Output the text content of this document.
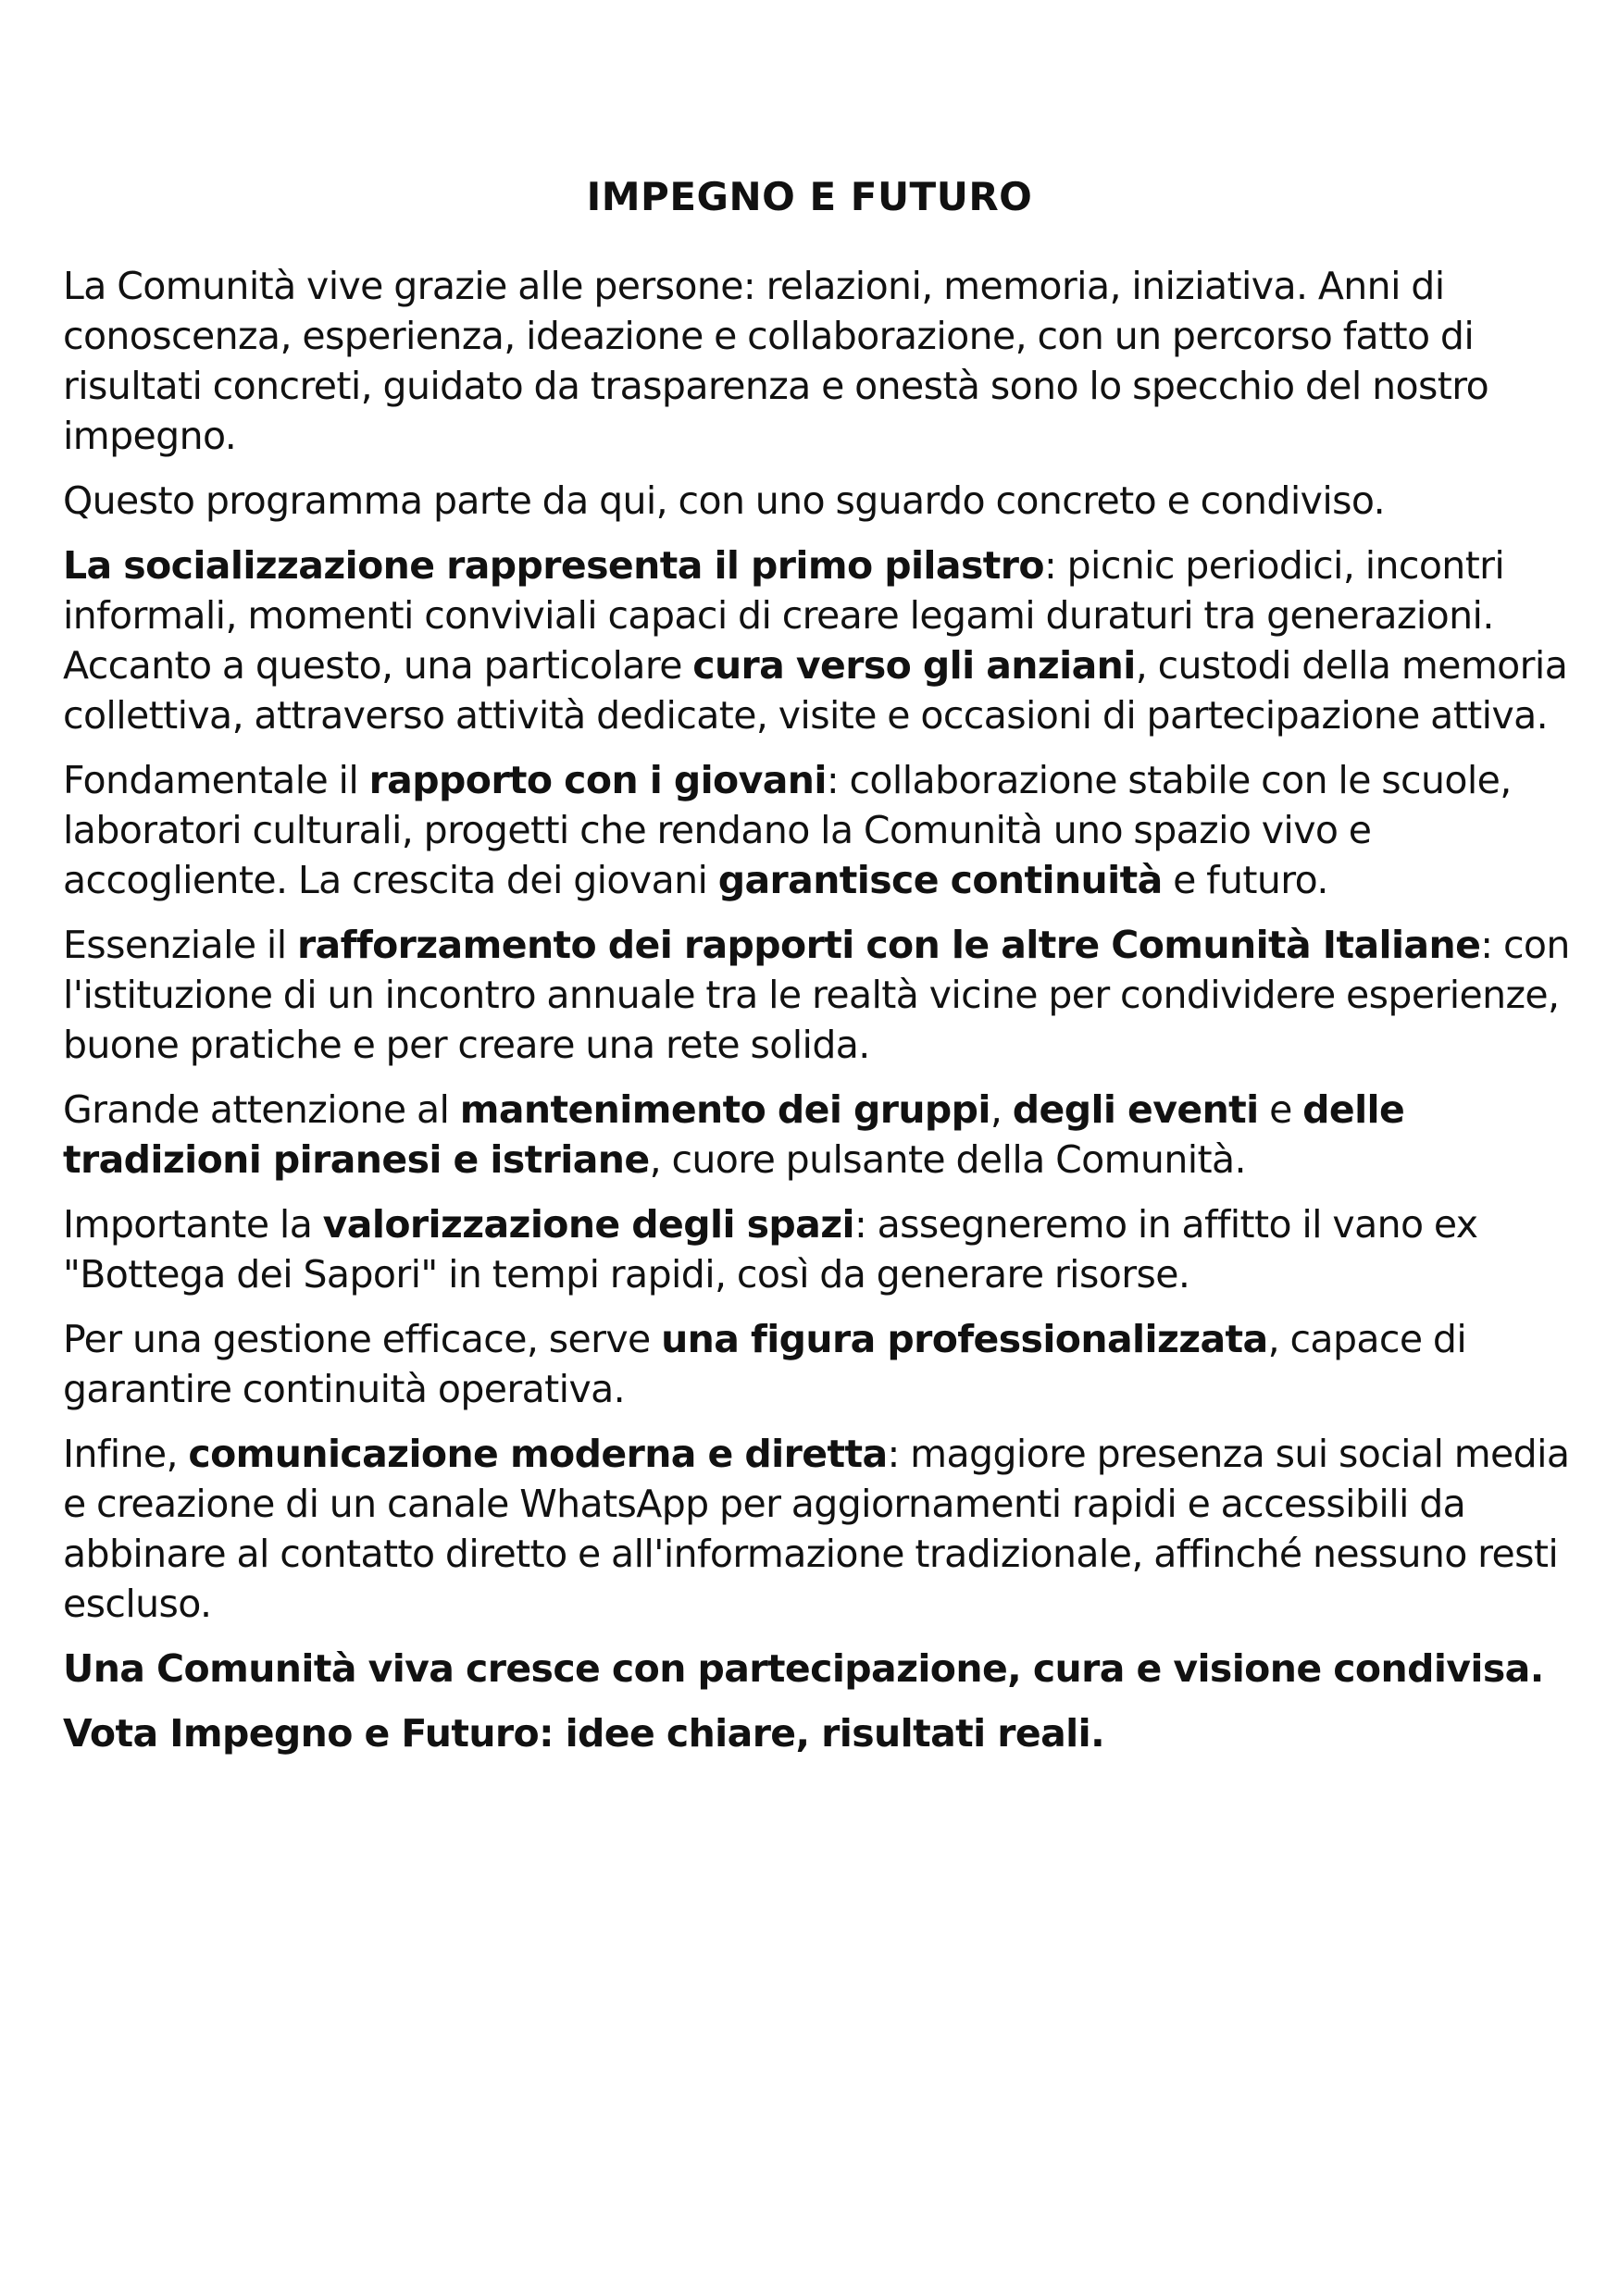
IMPEGNO E FUTURO

La Comunità vive grazie alle persone: relazioni, memoria, iniziativa. Anni di conoscenza, esperienza, ideazione e collaborazione, con un percorso fatto di risultati concreti, guidato da trasparenza e onestà sono lo specchio del nostro impegno.

Questo programma parte da qui, con uno sguardo concreto e condiviso.

La socializzazione rappresenta il primo pilastro: picnic periodici, incontri informali, momenti conviviali capaci di creare legami duraturi tra generazioni. Accanto a questo, una particolare cura verso gli anziani, custodi della memoria collettiva, attraverso attività dedicate, visite e occasioni di partecipazione attiva.

Fondamentale il rapporto con i giovani: collaborazione stabile con le scuole, laboratori culturali, progetti che rendano la Comunità uno spazio vivo e accogliente. La crescita dei giovani garantisce continuità e futuro.

Essenziale il rafforzamento dei rapporti con le altre Comunità Italiane: con l'istituzione di un incontro annuale tra le realtà vicine per condividere esperienze, buone pratiche e per creare una rete solida.

Grande attenzione al mantenimento dei gruppi, degli eventi e delle tradizioni piranesi e istriane, cuore pulsante della Comunità.

Importante la valorizzazione degli spazi: assegneremo in affitto il vano ex "Bottega dei Sapori" in tempi rapidi, così da generare risorse.

Per una gestione efficace, serve una figura professionalizzata, capace di garantire continuità operativa.

Infine, comunicazione moderna e diretta: maggiore presenza sui social media e creazione di un canale WhatsApp per aggiornamenti rapidi e accessibili da abbinare al contatto diretto e all'informazione tradizionale, affinché nessuno resti escluso.

Una Comunità viva cresce con partecipazione, cura e visione condivisa.

Vota Impegno e Futuro: idee chiare, risultati reali.
